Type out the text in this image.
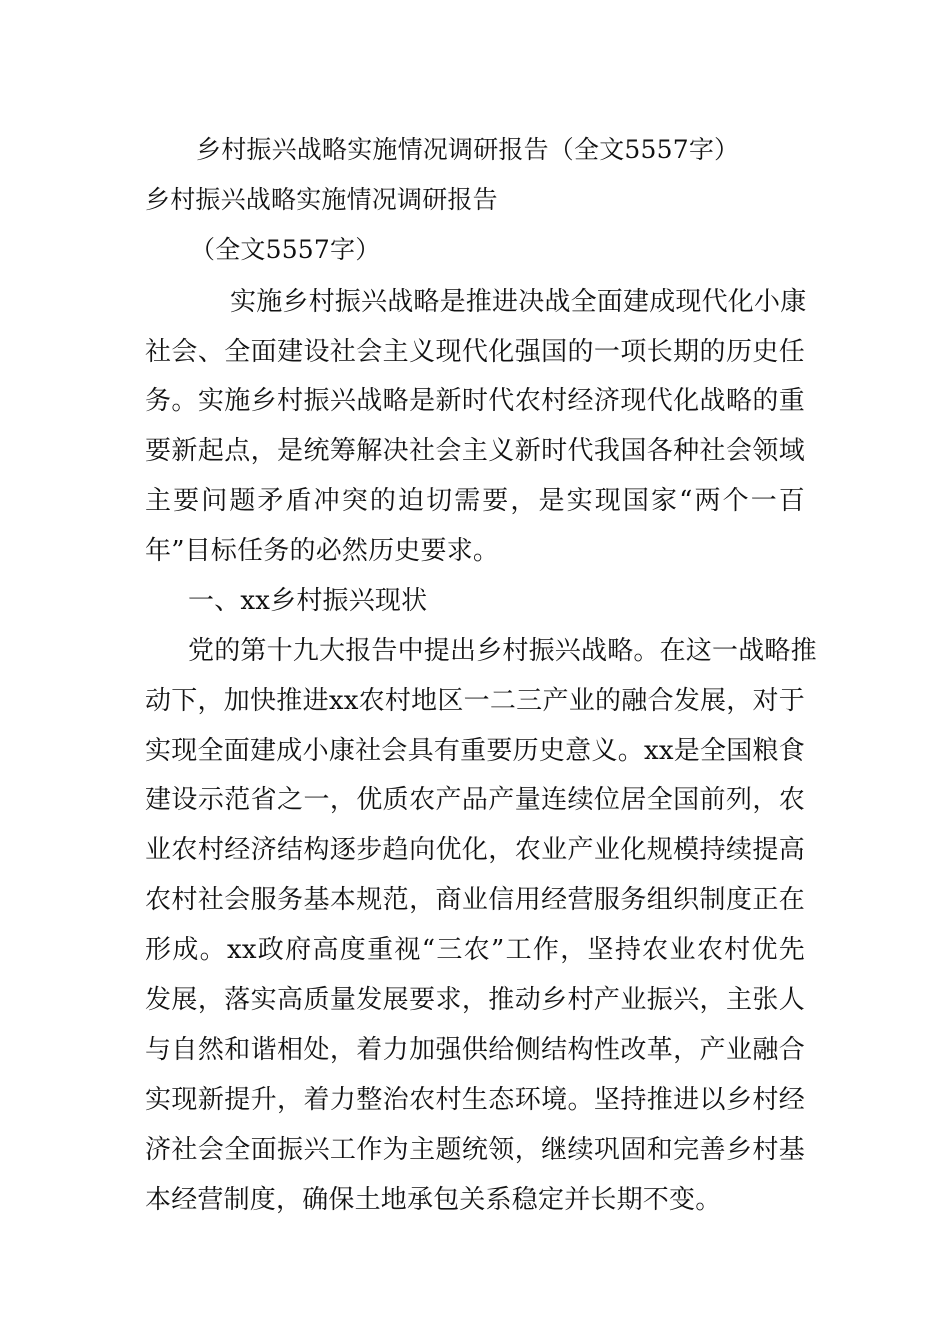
乡村振兴战略实施情况调研报告（全文5557字）
乡村振兴战略实施情况调研报告
（全文5557字）
实施乡村振兴战略是推进决战全面建成现代化小康
社会、全面建设社会主义现代化强国的一项长期的历史任
务。实施乡村振兴战略是新时代农村经济现代化战略的重
要新起点，是统筹解决社会主义新时代我国各种社会领域
主要问题矛盾冲突的迫切需要，是实现国家“两个一百
年”目标任务的必然历史要求。
一、xx乡村振兴现状
党的第十九大报告中提出乡村振兴战略。在这一战略推
动下，加快推进xx农村地区一二三产业的融合发展，对于
实现全面建成小康社会具有重要历史意义。xx是全国粮食
建设示范省之一，优质农产品产量连续位居全国前列，农
业农村经济结构逐步趋向优化，农业产业化规模持续提高
农村社会服务基本规范，商业信用经营服务组织制度正在
形成。xx政府高度重视“三农”工作，坚持农业农村优先
发展，落实高质量发展要求，推动乡村产业振兴，主张人
与自然和谐相处，着力加强供给侧结构性改革，产业融合
实现新提升，着力整治农村生态环境。坚持推进以乡村经
济社会全面振兴工作为主题统领，继续巩固和完善乡村基
本经营制度，确保土地承包关系稳定并长期不变。
